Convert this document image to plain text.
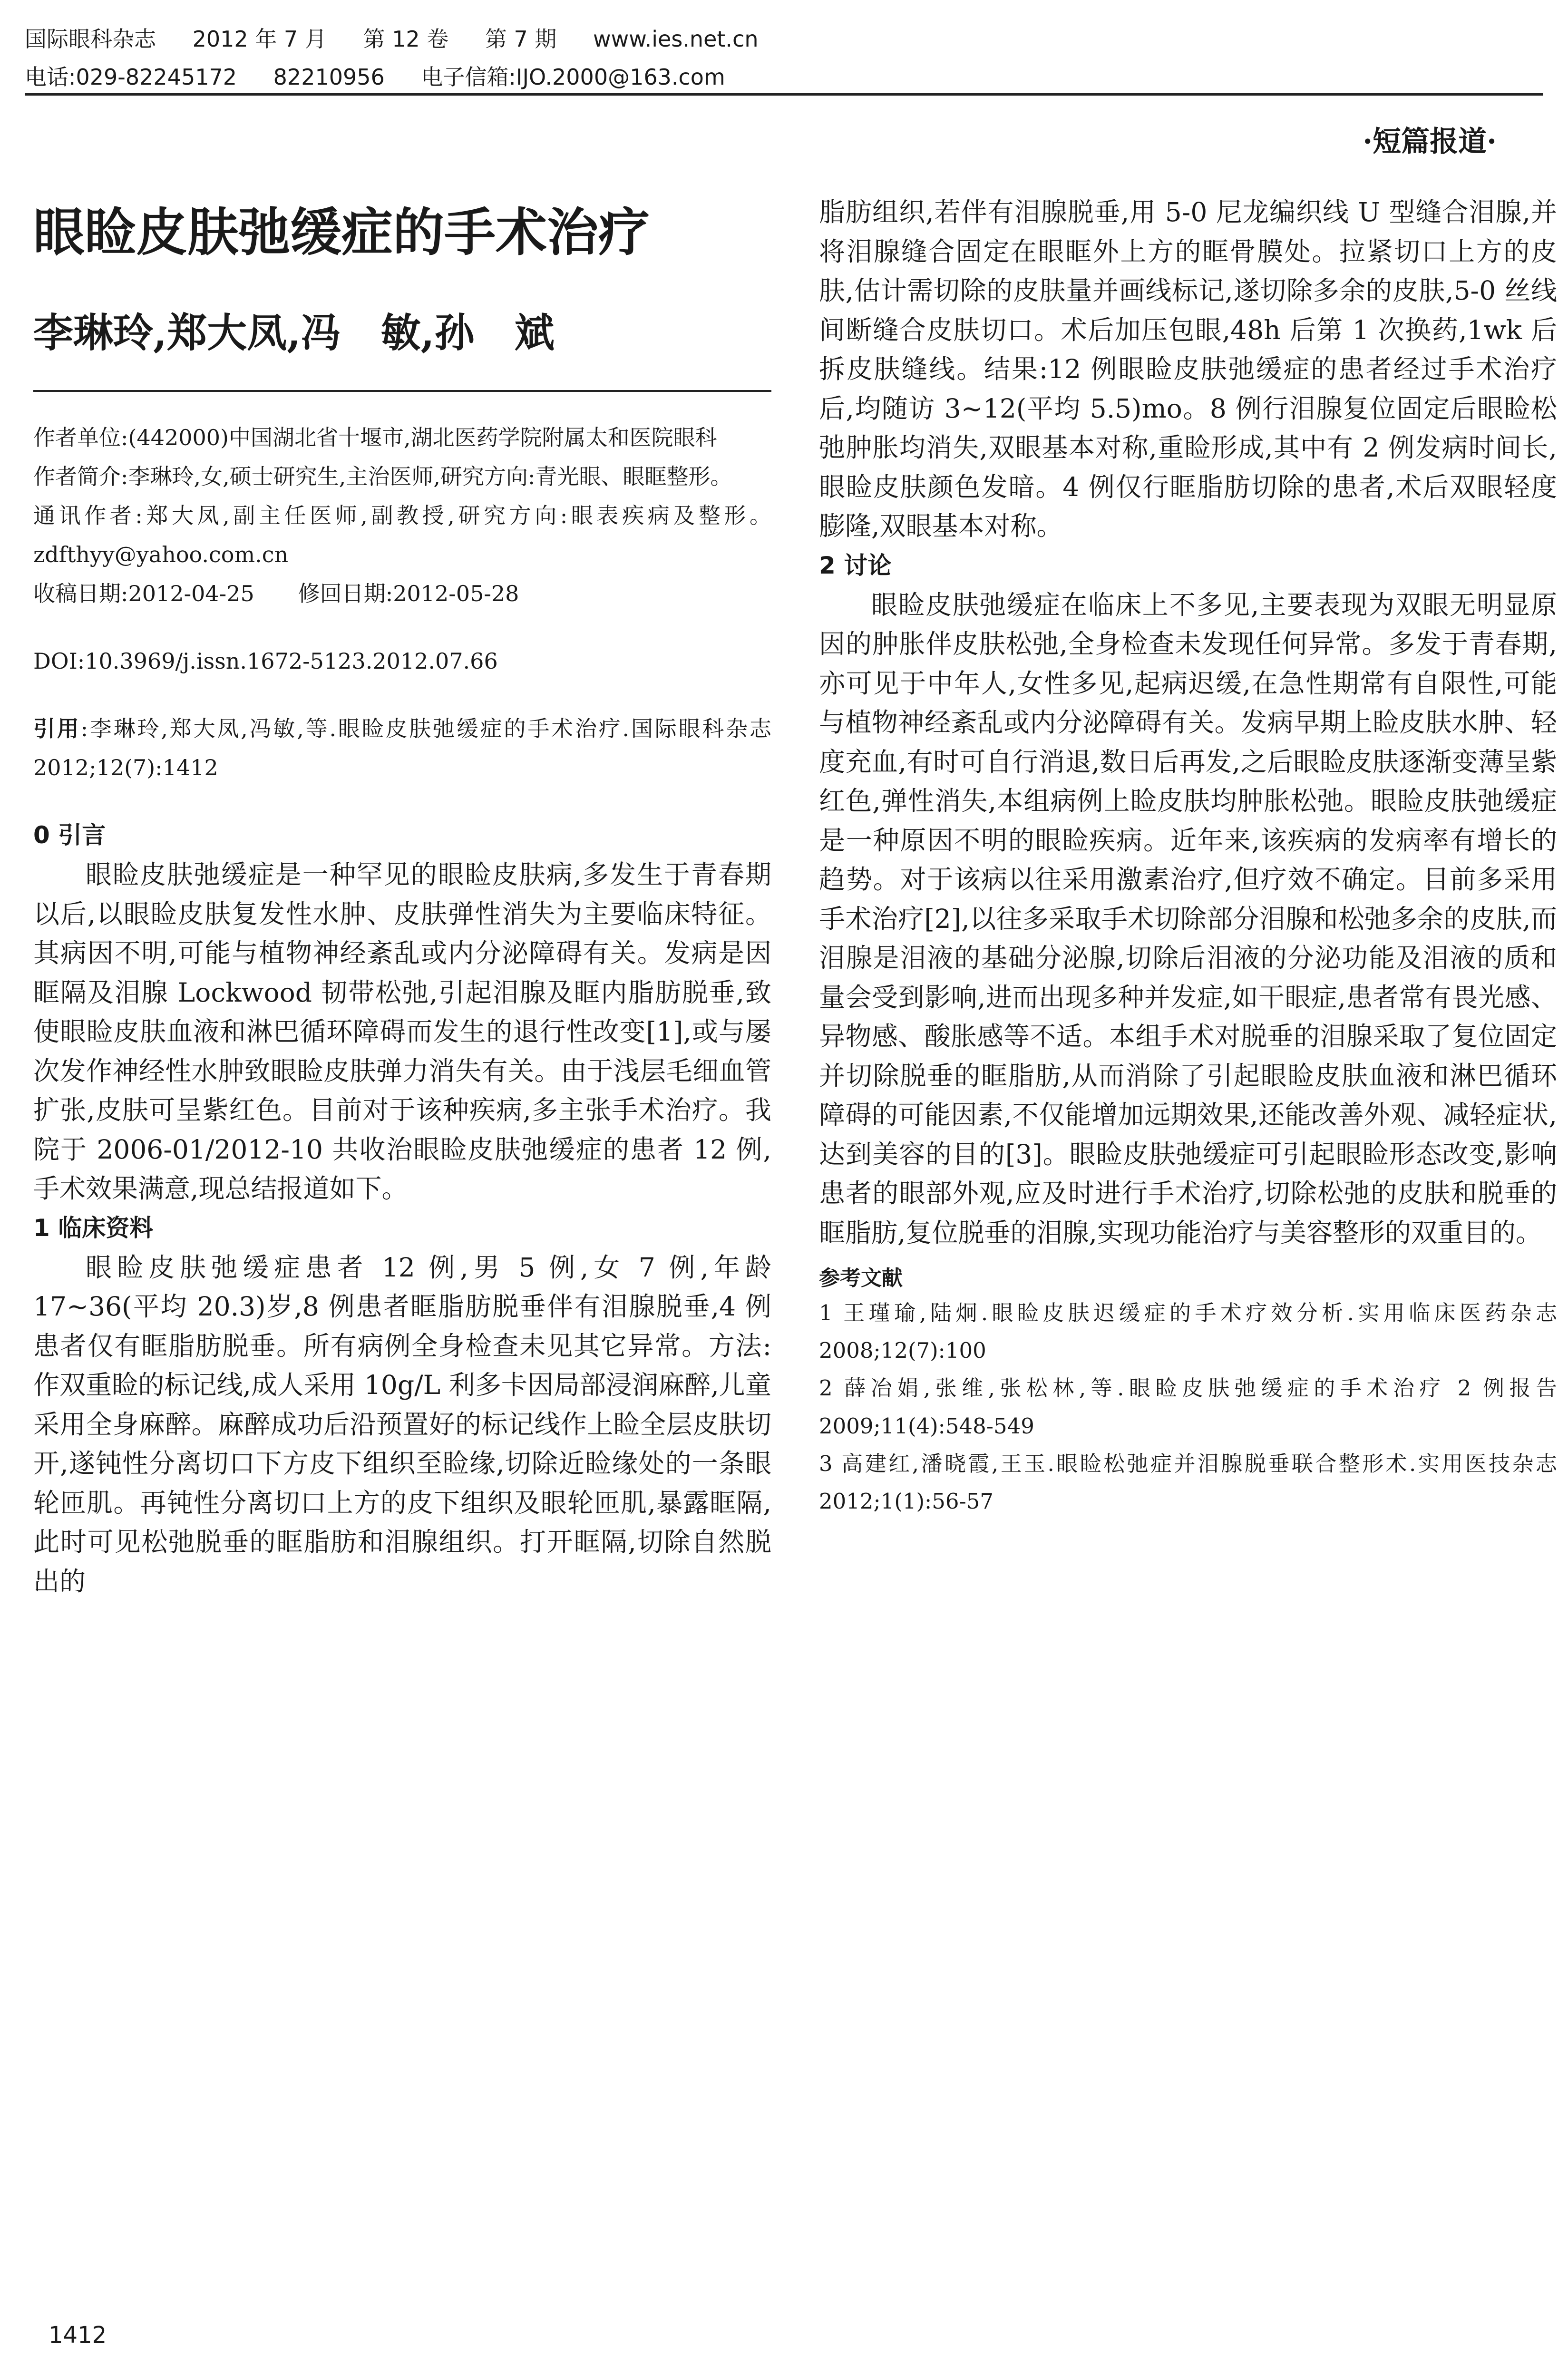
国际眼科杂志 2012 年 7 月 第 12 卷 第 7 期 www.ies.net.cn
电话:029-82245172 82210956 电子信箱:IJO.2000@163.com
·短篇报道·
眼睑皮肤弛缓症的手术治疗
李琳玲,郑大凤,冯　敏,孙　斌

作者单位:(442000)中国湖北省十堰市,湖北医药学院附属太和医院眼科

作者简介:李琳玲,女,硕士研究生,主治医师,研究方向:青光眼、眼眶整形。

通讯作者:郑大凤,副主任医师,副教授,研究方向:眼表疾病及整形。zdfthyy@yahoo.com.cn

收稿日期:2012-04-25　　修回日期:2012-05-28

DOI:10.3969/j.issn.1672-5123.2012.07.66

引用:李琳玲,郑大凤,冯敏,等.眼睑皮肤弛缓症的手术治疗.国际眼科杂志 2012;12(7):1412

0 引言

眼睑皮肤弛缓症是一种罕见的眼睑皮肤病,多发生于青春期以后,以眼睑皮肤复发性水肿、皮肤弹性消失为主要临床特征。其病因不明,可能与植物神经紊乱或内分泌障碍有关。发病是因眶隔及泪腺 Lockwood 韧带松弛,引起泪腺及眶内脂肪脱垂,致使眼睑皮肤血液和淋巴循环障碍而发生的退行性改变[1],或与屡次发作神经性水肿致眼睑皮肤弹力消失有关。由于浅层毛细血管扩张,皮肤可呈紫红色。目前对于该种疾病,多主张手术治疗。我院于 2006-01/2012-10 共收治眼睑皮肤弛缓症的患者 12 例,手术效果满意,现总结报道如下。

1 临床资料

眼睑皮肤弛缓症患者 12 例,男 5 例,女 7 例,年龄 17~36(平均 20.3)岁,8 例患者眶脂肪脱垂伴有泪腺脱垂,4 例患者仅有眶脂肪脱垂。所有病例全身检查未见其它异常。方法:作双重睑的标记线,成人采用 10g/L 利多卡因局部浸润麻醉,儿童采用全身麻醉。麻醉成功后沿预置好的标记线作上睑全层皮肤切开,遂钝性分离切口下方皮下组织至睑缘,切除近睑缘处的一条眼轮匝肌。再钝性分离切口上方的皮下组织及眼轮匝肌,暴露眶隔,此时可见松弛脱垂的眶脂肪和泪腺组织。打开眶隔,切除自然脱出的

脂肪组织,若伴有泪腺脱垂,用 5-0 尼龙编织线 U 型缝合泪腺,并将泪腺缝合固定在眼眶外上方的眶骨膜处。拉紧切口上方的皮肤,估计需切除的皮肤量并画线标记,遂切除多余的皮肤,5-0 丝线间断缝合皮肤切口。术后加压包眼,48h 后第 1 次换药,1wk 后拆皮肤缝线。结果:12 例眼睑皮肤弛缓症的患者经过手术治疗后,均随访 3~12(平均 5.5)mo。8 例行泪腺复位固定后眼睑松弛肿胀均消失,双眼基本对称,重睑形成,其中有 2 例发病时间长,眼睑皮肤颜色发暗。4 例仅行眶脂肪切除的患者,术后双眼轻度膨隆,双眼基本对称。

2 讨论

眼睑皮肤弛缓症在临床上不多见,主要表现为双眼无明显原因的肿胀伴皮肤松弛,全身检查未发现任何异常。多发于青春期,亦可见于中年人,女性多见,起病迟缓,在急性期常有自限性,可能与植物神经紊乱或内分泌障碍有关。发病早期上睑皮肤水肿、轻度充血,有时可自行消退,数日后再发,之后眼睑皮肤逐渐变薄呈紫红色,弹性消失,本组病例上睑皮肤均肿胀松弛。眼睑皮肤弛缓症是一种原因不明的眼睑疾病。近年来,该疾病的发病率有增长的趋势。对于该病以往采用激素治疗,但疗效不确定。目前多采用手术治疗[2],以往多采取手术切除部分泪腺和松弛多余的皮肤,而泪腺是泪液的基础分泌腺,切除后泪液的分泌功能及泪液的质和量会受到影响,进而出现多种并发症,如干眼症,患者常有畏光感、异物感、酸胀感等不适。本组手术对脱垂的泪腺采取了复位固定并切除脱垂的眶脂肪,从而消除了引起眼睑皮肤血液和淋巴循环障碍的可能因素,不仅能增加远期效果,还能改善外观、减轻症状,达到美容的目的[3]。眼睑皮肤弛缓症可引起眼睑形态改变,影响患者的眼部外观,应及时进行手术治疗,切除松弛的皮肤和脱垂的眶脂肪,复位脱垂的泪腺,实现功能治疗与美容整形的双重目的。

参考文献

1 王瑾瑜,陆炯.眼睑皮肤迟缓症的手术疗效分析.实用临床医药杂志 2008;12(7):100

2 薛冶娟,张维,张松林,等.眼睑皮肤弛缓症的手术治疗 2 例报告 2009;11(4):548-549

3 高建红,潘晓霞,王玉.眼睑松弛症并泪腺脱垂联合整形术.实用医技杂志 2012;1(1):56-57

1412
